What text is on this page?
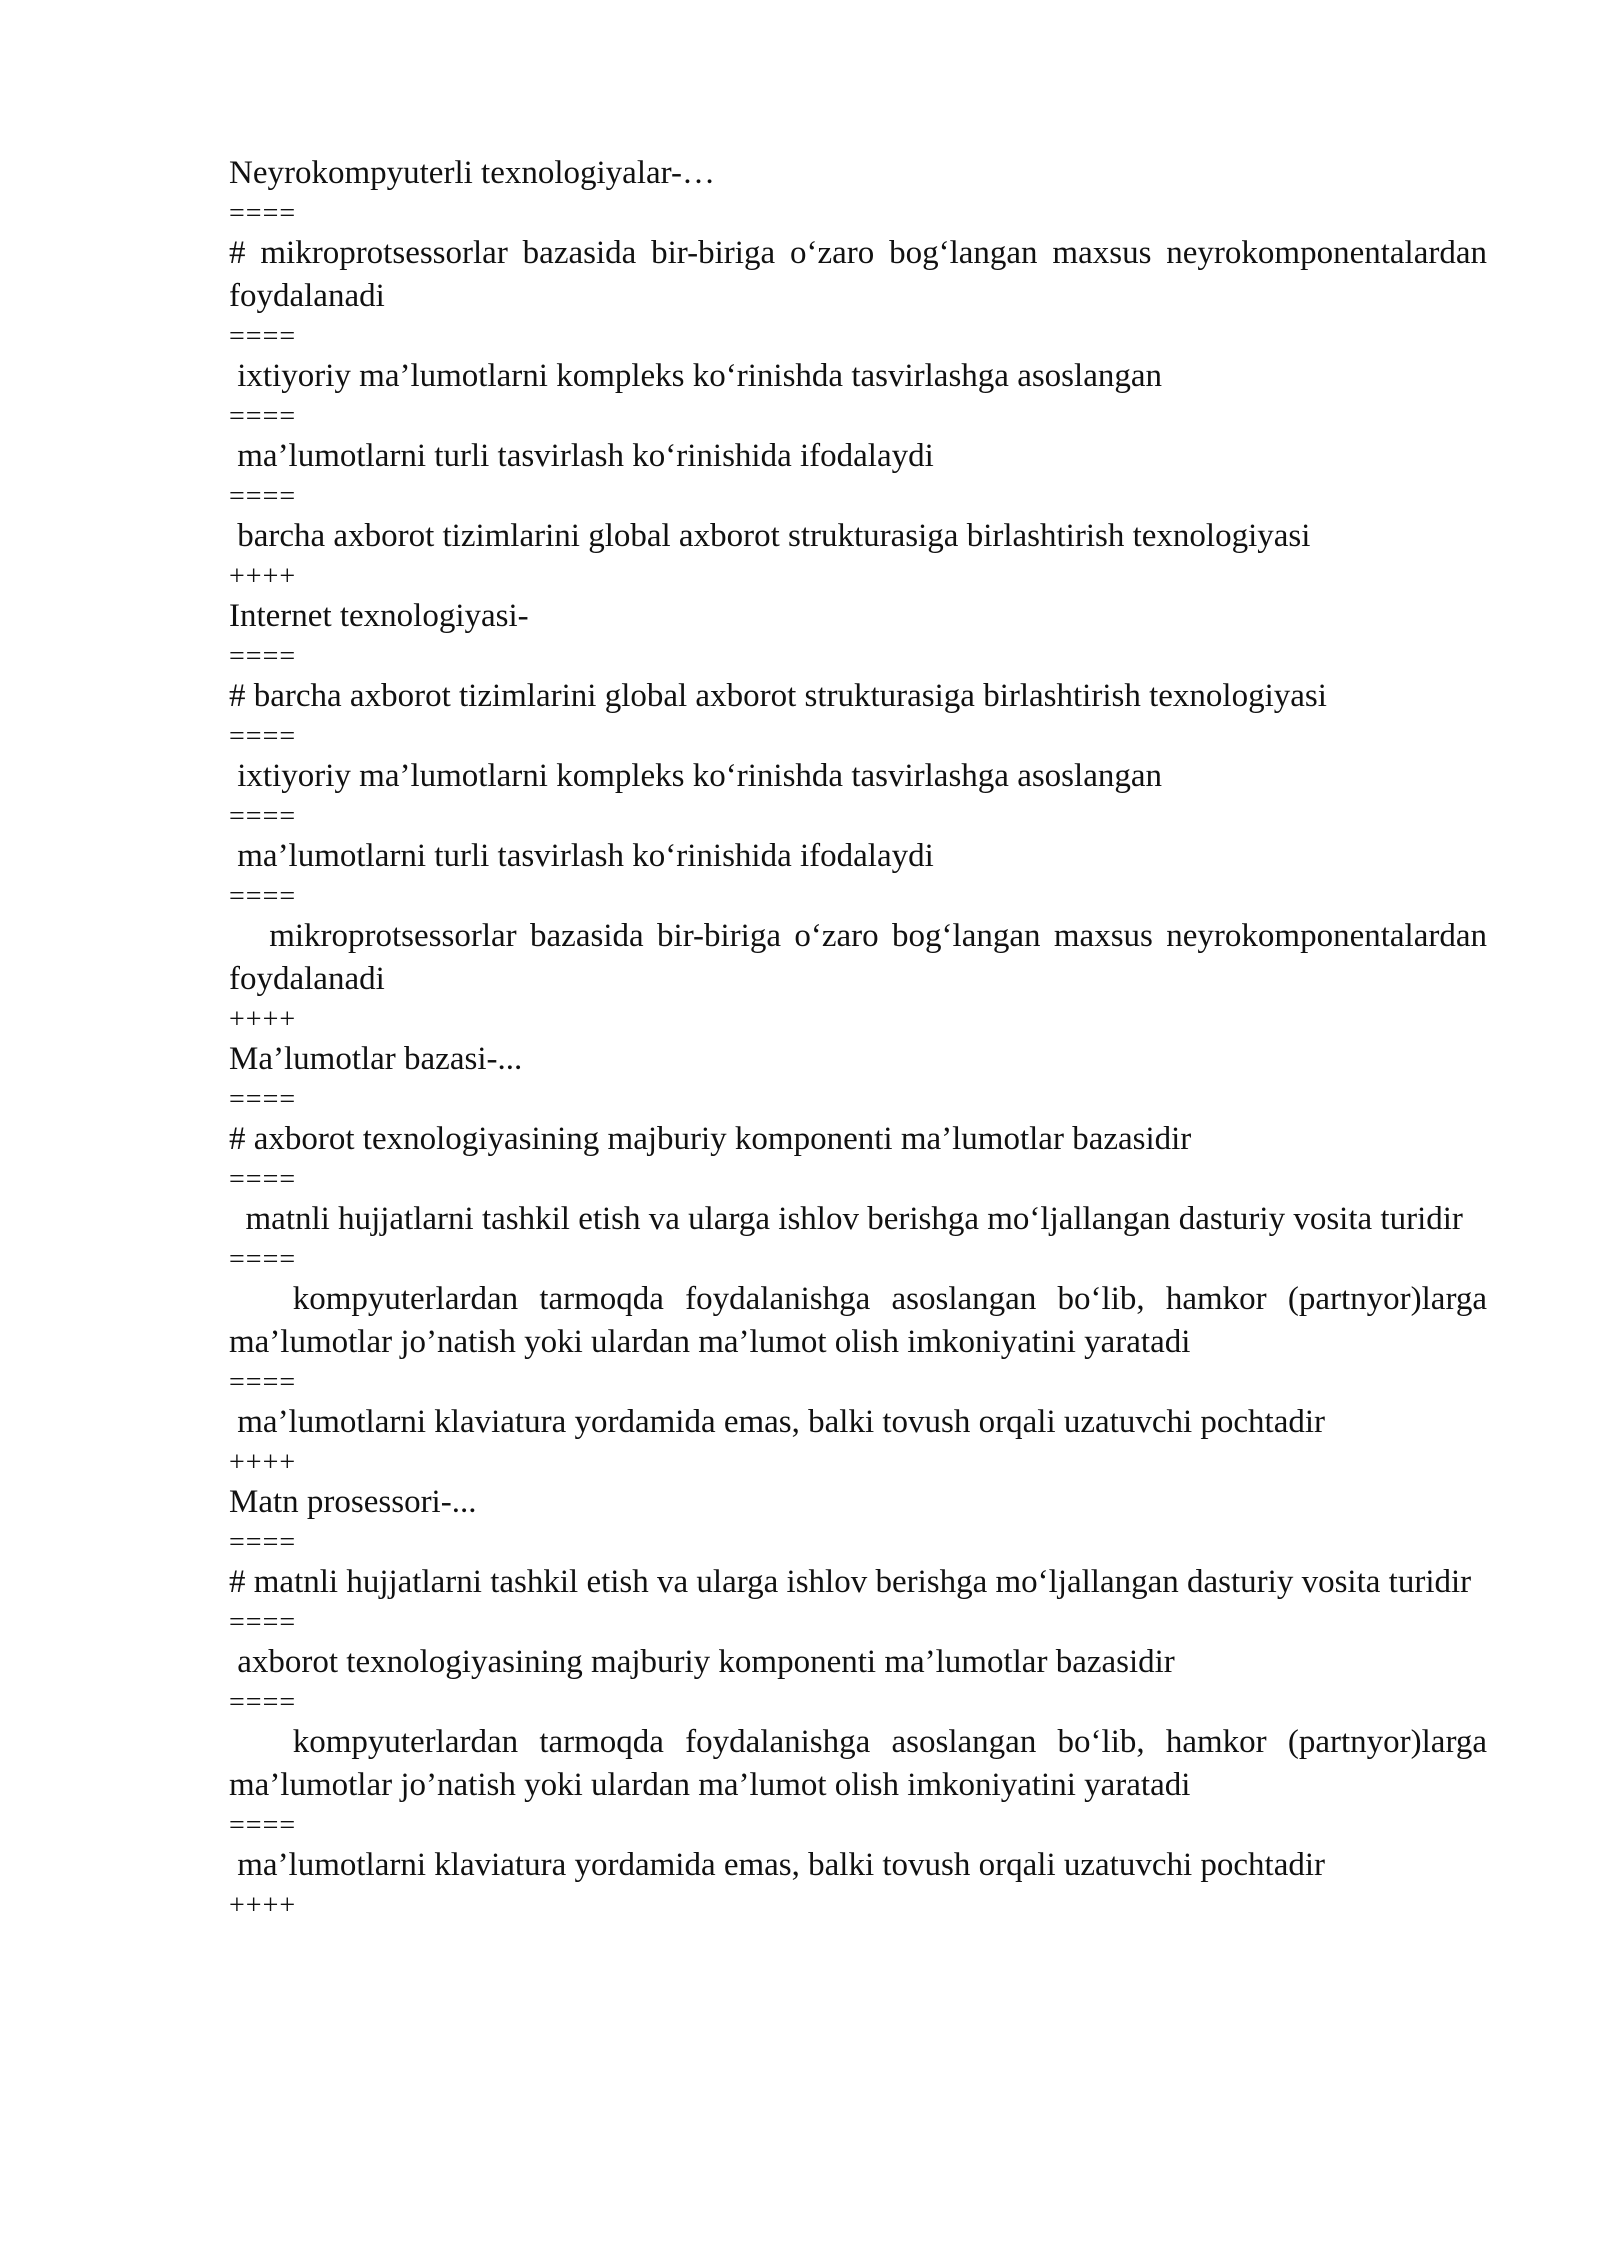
Neyrokompyuterli texnologiyalar-…

====

# mikroprotsessorlar bazasida bir-biriga o‘zaro bog‘langan maxsus neyrokomponentalardan foydalanadi

====

ixtiyoriy ma’lumotlarni kompleks ko‘rinishda tasvirlashga asoslangan

====

ma’lumotlarni turli tasvirlash ko‘rinishida ifodalaydi

====

barcha axborot tizimlarini global axborot strukturasiga birlashtirish texnologiyasi

++++

Internet texnologiyasi-

====

# barcha axborot tizimlarini global axborot strukturasiga birlashtirish texnologiyasi

====

ixtiyoriy ma’lumotlarni kompleks ko‘rinishda tasvirlashga asoslangan

====

ma’lumotlarni turli tasvirlash ko‘rinishida ifodalaydi

====

mikroprotsessorlar bazasida bir-biriga o‘zaro bog‘langan maxsus neyrokomponentalardan foydalanadi

++++

Ma’lumotlar bazasi-...

====

# axborot texnologiyasining majburiy komponenti ma’lumotlar bazasidir

====

matnli hujjatlarni tashkil etish va ularga ishlov berishga mo‘ljallangan dasturiy vosita turidir

====

kompyuterlardan tarmoqda foydalanishga asoslangan bo‘lib, hamkor (partnyor)larga ma’lumotlar jo’natish yoki ulardan ma’lumot olish imkoniyatini yaratadi

====

ma’lumotlarni klaviatura yordamida emas, balki tovush orqali uzatuvchi pochtadir

++++

Matn prosessori-...

====

# matnli hujjatlarni tashkil etish va ularga ishlov berishga mo‘ljallangan dasturiy vosita turidir

====

axborot texnologiyasining majburiy komponenti ma’lumotlar bazasidir

====

kompyuterlardan tarmoqda foydalanishga asoslangan bo‘lib, hamkor (partnyor)larga ma’lumotlar jo’natish yoki ulardan ma’lumot olish imkoniyatini yaratadi

====

ma’lumotlarni klaviatura yordamida emas, balki tovush orqali uzatuvchi pochtadir

++++
